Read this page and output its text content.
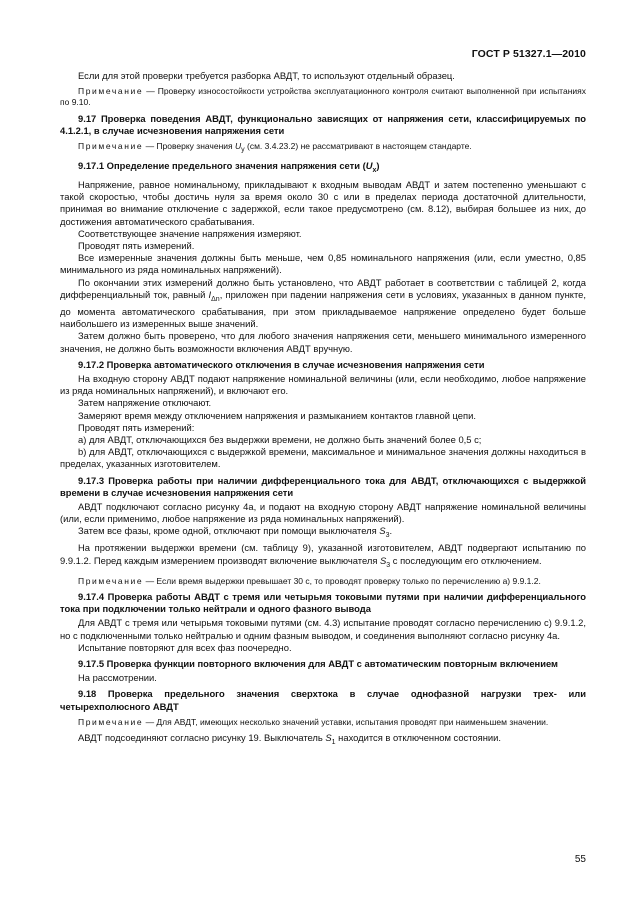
ГОСТ Р 51327.1—2010

Если для этой проверки требуется разборка АВДТ, то используют отдельный образец.

Примечание — Проверку износостойкости устройства эксплуатационного контроля считают выполненной при испытаниях по 9.10.

9.17 Проверка поведения АВДТ, функционально зависящих от напряжения сети, классифицируемых по 4.1.2.1, в случае исчезновения напряжения сети

Примечание — Проверку значения $U_y$ (см. 3.4.23.2) не рассматривают в настоящем стандарте.

9.17.1 Определение предельного значения напряжения сети $(U_x)$

Напряжение, равное номинальному, прикладывают к входным выводам АВДТ и затем постепенно уменьшают с такой скоростью, чтобы достичь нуля за время около 30 с или в пределах периода достаточной длительности, принимая во внимание отключение с задержкой, если такое предусмотрено (см. 8.12), выбирая большее из них, до достижения автоматического срабатывания.

Соответствующее значение напряжения измеряют.

Проводят пять измерений.

Все измеренные значения должны быть меньше, чем 0,85 номинального напряжения (или, если уместно, 0,85 минимального из ряда номинальных напряжений).

По окончании этих измерений должно быть установлено, что АВДТ работает в соответствии с таблицей 2, когда дифференциальный ток, равный $I_{\Delta n}$, приложен при падении напряжения сети в условиях, указанных в данном пункте, до момента автоматического срабатывания, при этом прикладываемое напряжение определено будет больше наибольшего из измеренных выше значений.

Затем должно быть проверено, что для любого значения напряжения сети, меньшего минимального измеренного значения, не должно быть возможности включения АВДТ вручную.

9.17.2 Проверка автоматического отключения в случае исчезновения напряжения сети

На входную сторону АВДТ подают напряжение номинальной величины (или, если необходимо, любое напряжение из ряда номинальных напряжений), и включают его.

Затем напряжение отключают.

Замеряют время между отключением напряжения и размыканием контактов главной цепи.

Проводят пять измерений:

а) для АВДТ, отключающихся без выдержки времени, не должно быть значений более 0,5 с;

b) для АВДТ, отключающихся с выдержкой времени, максимальное и минимальное значения должны находиться в пределах, указанных изготовителем.

9.17.3 Проверка работы при наличии дифференциального тока для АВДТ, отключающихся с выдержкой времени в случае исчезновения напряжения сети

АВДТ подключают согласно рисунку 4а, и подают на входную сторону АВДТ напряжение номинальной величины (или, если применимо, любое напряжение из ряда номинальных напряжений).

Затем все фазы, кроме одной, отключают при помощи выключателя $S_3$.

На протяжении выдержки времени (см. таблицу 9), указанной изготовителем, АВДТ подвергают испытанию по 9.9.1.2. Перед каждым измерением производят включение выключателя $S_3$ с последующим его отключением.

Примечание — Если время выдержки превышает 30 с, то проводят проверку только по перечислению а) 9.9.1.2.

9.17.4 Проверка работы АВДТ с тремя или четырьмя токовыми путями при наличии дифференциального тока при подключении только нейтрали и одного фазного вывода

Для АВДТ с тремя или четырьмя токовыми путями (см. 4.3) испытание проводят согласно перечислению с) 9.9.1.2, но с подключенными только нейтралью и одним фазным выводом, и соединения выполняют согласно рисунку 4а.

Испытание повторяют для всех фаз поочередно.

9.17.5 Проверка функции повторного включения для АВДТ с автоматическим повторным включением

На рассмотрении.

9.18 Проверка предельного значения сверхтока в случае однофазной нагрузки трех- или четырехполюсного АВДТ

Примечание — Для АВДТ, имеющих несколько значений уставки, испытания проводят при наименьшем значении.

АВДТ подсоединяют согласно рисунку 19. Выключатель $S_1$ находится в отключенном состоянии.

55
